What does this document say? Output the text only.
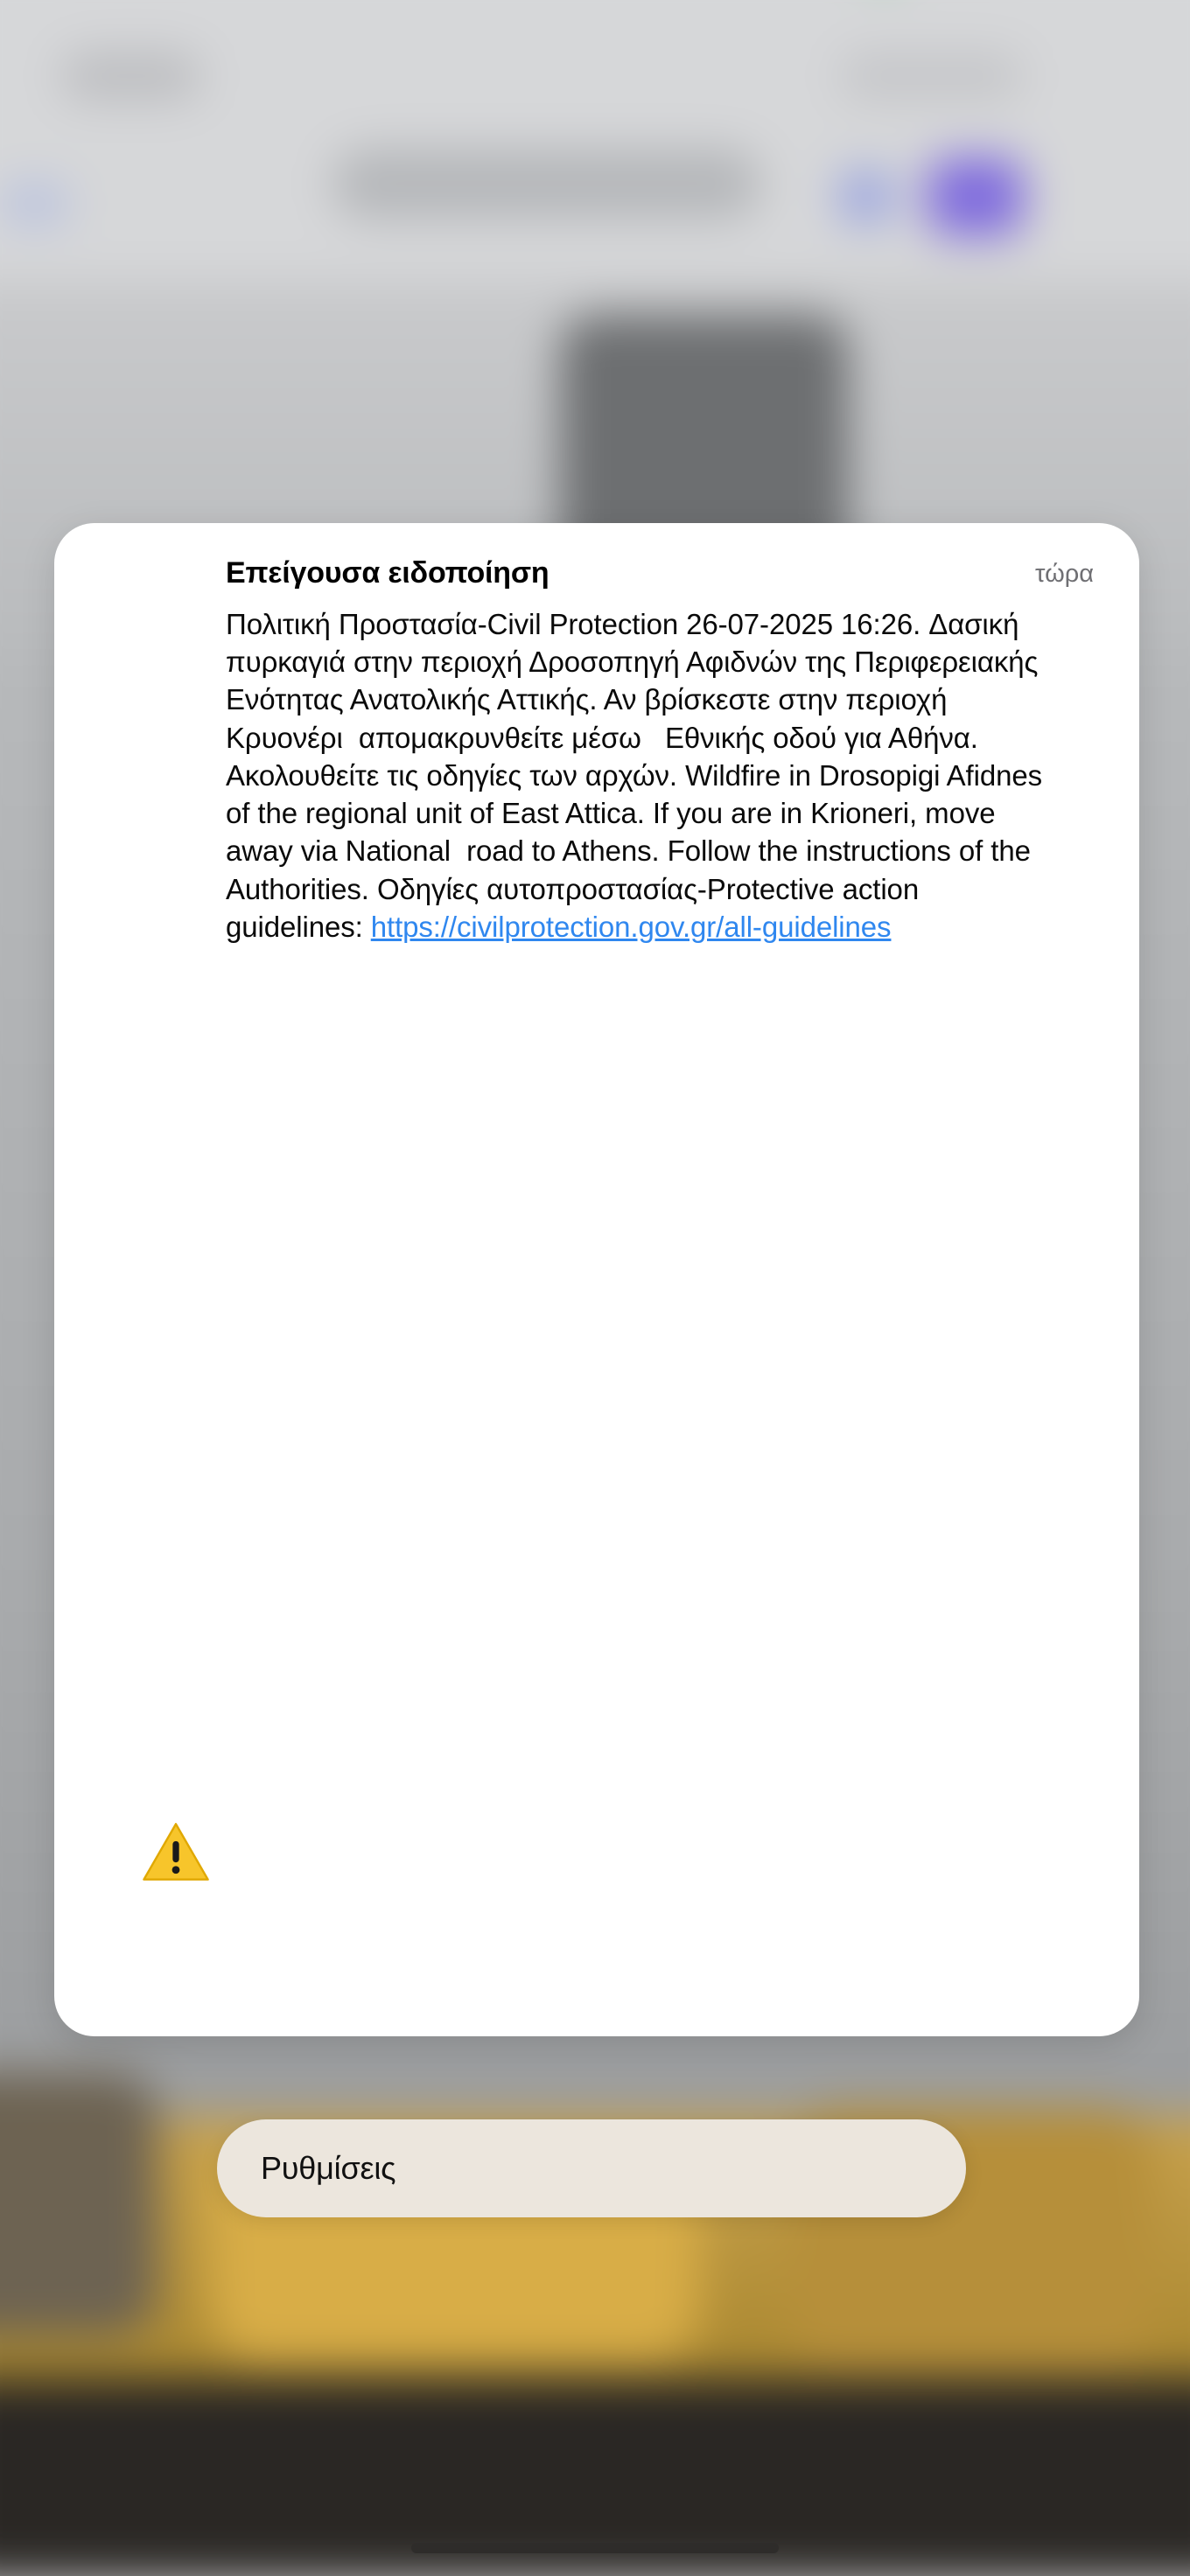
Επείγουσα ειδοποίηση	τώρα
Πολιτική Προστασία-Civil Protection 26-07-2025 16:26. Δασική πυρκαγιά στην περιοχή Δροσοπηγή Αφιδνών της Περιφερειακής Ενότητας Ανατολικής Αττικής. Αν βρίσκεστε στην περιοχή Κρυονέρι  απομακρυνθείτε μέσω   Εθνικής οδού για Αθήνα. Ακολουθείτε τις οδηγίες των αρχών. Wildfire in Drosopigi Afidnes of the regional unit of East Attica. If you are in Krioneri, move away via National  road to Athens. Follow the instructions of the Authorities. Οδηγίες αυτοπροστασίας-Protective action guidelines: https://civilprotection.gov.gr/all-guidelines
Ρυθμίσεις
